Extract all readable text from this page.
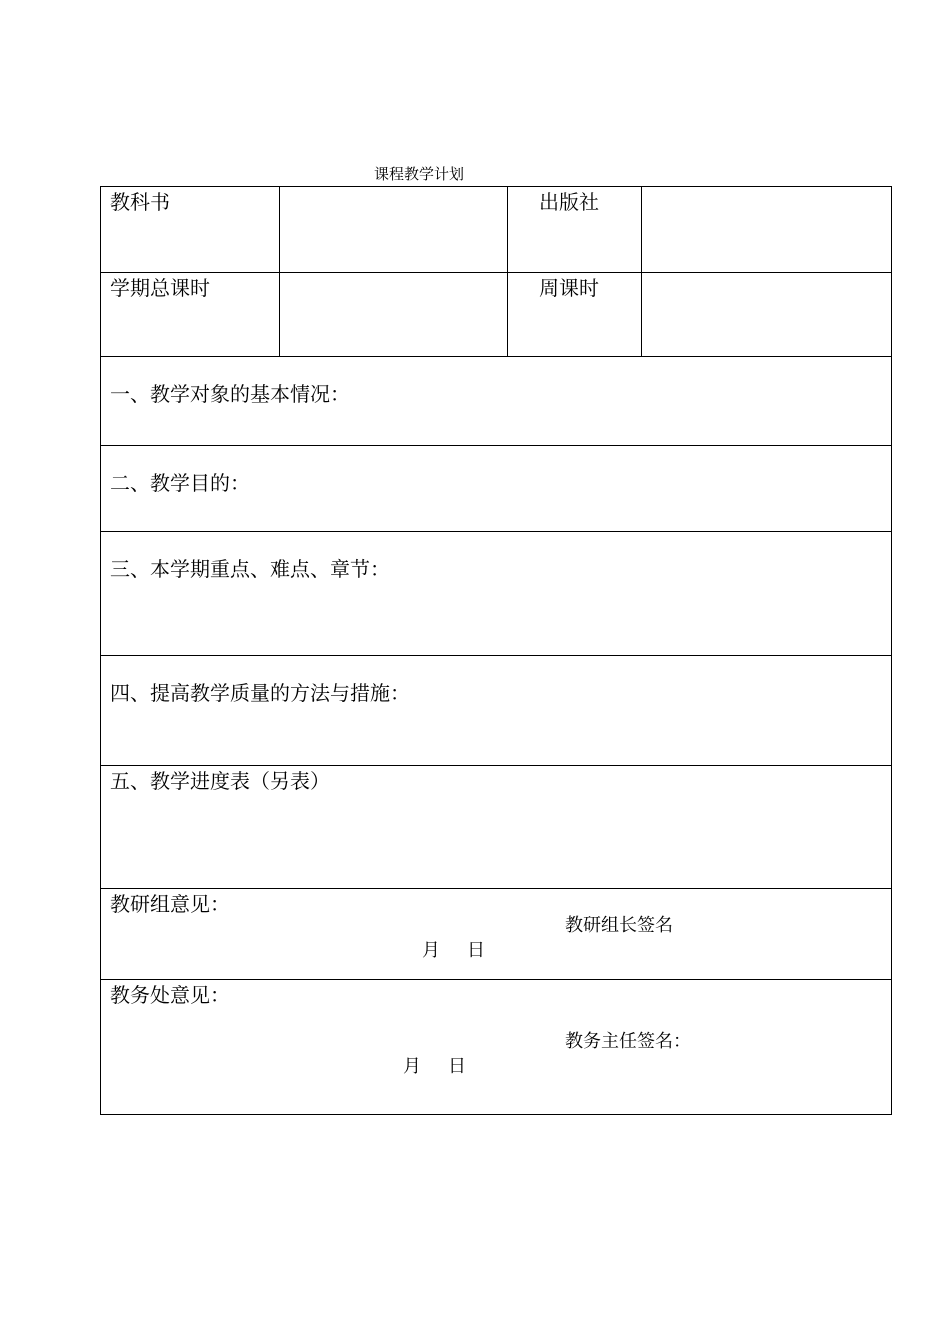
课程教学计划
教科书		出版社	

学期总课时		周课时	

一、教学对象的基本情况：			

二、教学目的：			

三、本学期重点、难点、章节：			

四、提高教学质量的方法与措施：			

五、教学进度表（另表）			

教研组意见：
教研组长签名
月 日			

教务处意见：
教务主任签名：
月 日			
